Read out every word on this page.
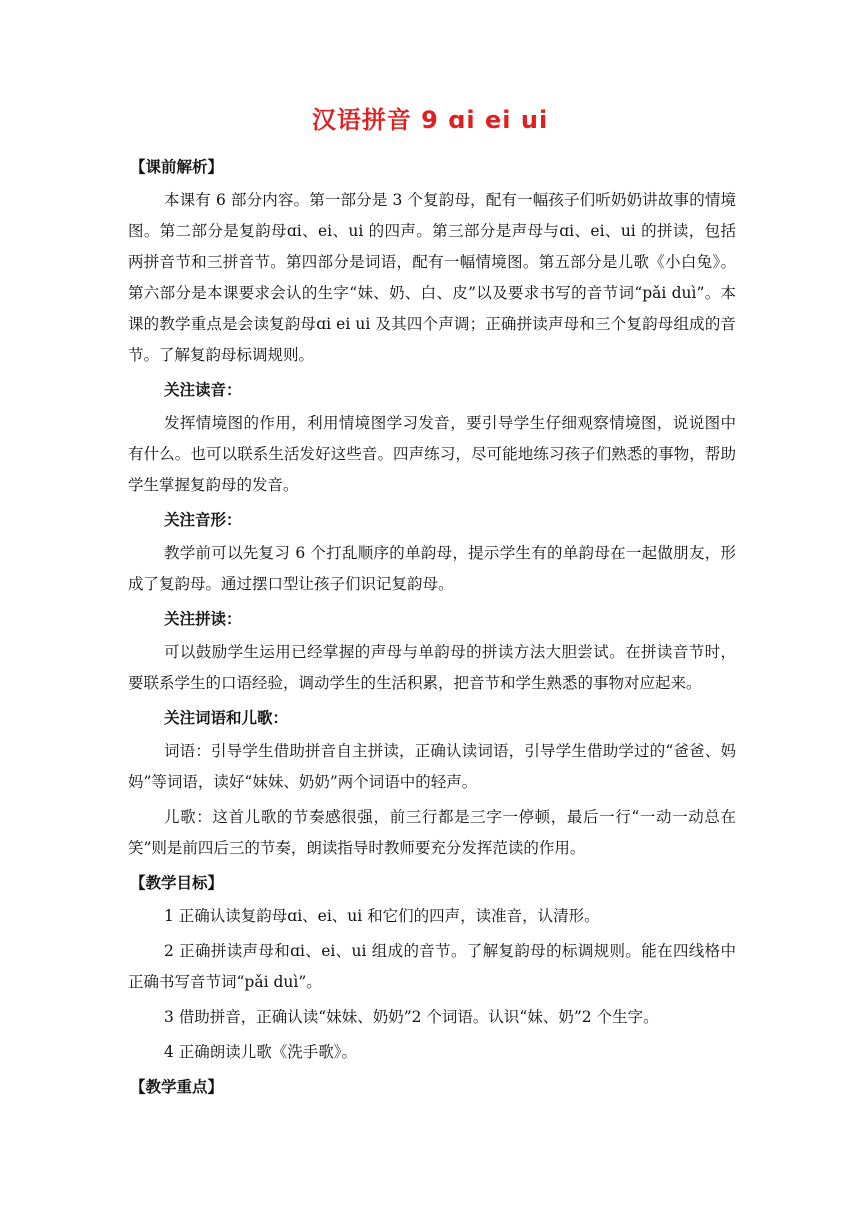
汉语拼音 9 ɑi ei ui
【课前解析】

本课有 6 部分内容。第一部分是 3 个复韵母，配有一幅孩子们听奶奶讲故事的情境图。第二部分是复韵母ɑi、ei、ui 的四声。第三部分是声母与ɑi、ei、ui 的拼读，包括两拼音节和三拼音节。第四部分是词语，配有一幅情境图。第五部分是儿歌《小白兔》。第六部分是本课要求会认的生字“妹、奶、白、皮”以及要求书写的音节词“pǎi duì”。本课的教学重点是会读复韵母ɑi ei ui 及其四个声调；正确拼读声母和三个复韵母组成的音节。了解复韵母标调规则。

关注读音：

发挥情境图的作用，利用情境图学习发音，要引导学生仔细观察情境图，说说图中有什么。也可以联系生活发好这些音。四声练习，尽可能地练习孩子们熟悉的事物，帮助学生掌握复韵母的发音。

关注音形：

教学前可以先复习 6 个打乱顺序的单韵母，提示学生有的单韵母在一起做朋友，形成了复韵母。通过摆口型让孩子们识记复韵母。

关注拼读：

可以鼓励学生运用已经掌握的声母与单韵母的拼读方法大胆尝试。在拼读音节时，要联系学生的口语经验，调动学生的生活积累，把音节和学生熟悉的事物对应起来。

关注词语和儿歌：

词语：引导学生借助拼音自主拼读，正确认读词语，引导学生借助学过的“爸爸、妈妈”等词语，读好“妹妹、奶奶”两个词语中的轻声。

儿歌：这首儿歌的节奏感很强，前三行都是三字一停顿，最后一行“一动一动总在笑”则是前四后三的节奏，朗读指导时教师要充分发挥范读的作用。

【教学目标】

1 正确认读复韵母ɑi、ei、ui 和它们的四声，读准音，认清形。

2 正确拼读声母和ɑi、ei、ui 组成的音节。了解复韵母的标调规则。能在四线格中正确书写音节词“pǎi duì”。

3 借助拼音，正确认读“妹妹、奶奶”2 个词语。认识“妹、奶”2 个生字。

4 正确朗读儿歌《洗手歌》。

【教学重点】
